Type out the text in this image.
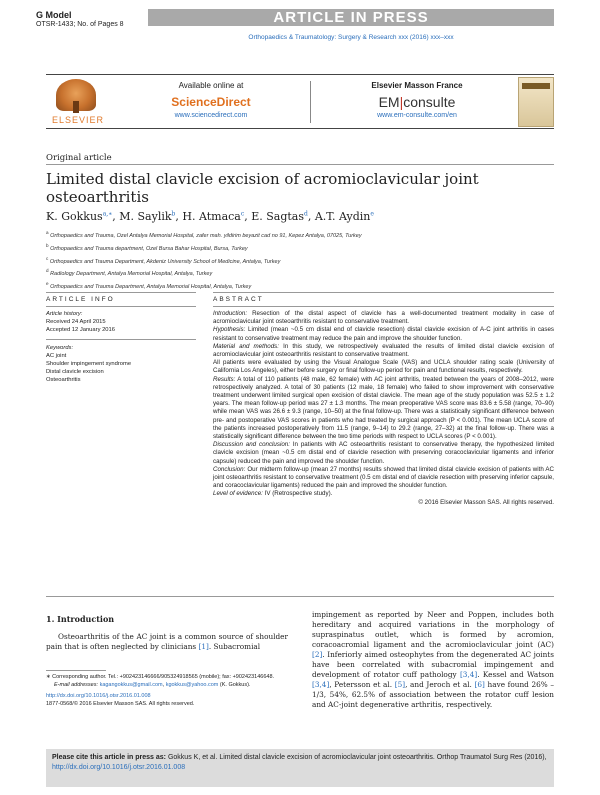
G Model
OTSR-1433; No. of Pages 8	ARTICLE IN PRESS
Orthopaedics & Traumatology: Surgery & Research xxx (2016) xxx–xxx
ELSEVIER
Available online at
ScienceDirect
www.sciencedirect.com
Elsevier Masson France
EM|consulte
www.em-consulte.com/en
Original article
Limited distal clavicle excision of acromioclavicular joint osteoarthritis
K. Gokkus$^{a,∗}$, M. Saylik$^b$, H. Atmaca$^c$, E. Sagtas$^d$, A.T. Aydin$^e$
$^a$ Orthopaedics and Trauma, Ozel Antalya Memorial Hospital, zafer mah. yildirim beyazit cad no 91, Kepez Antalya, 07025, Turkey
$^b$ Orthopaedics and Trauma department, Ozel Bursa Bahar Hospital, Bursa, Turkey
$^c$ Orthopaedics and Trauma Department, Akdeniz University School of Medicine, Antalya, Turkey
$^d$ Radiology Department, Antalya Memorial Hospital, Antalya, Turkey
$^e$ Orthopaedics and Trauma Department, Antalya Memorial Hospital, Antalya, Turkey
ARTICLE INFO
Article history:
Received 24 April 2015
Accepted 12 January 2016
Keywords:
AC joint
Shoulder impingement syndrome
Distal clavicle excision
Osteoarthritis
ABSTRACT

Introduction: Resection of the distal aspect of clavicle has a well-documented treatment modality in case of acromioclavicular joint osteoarthritis resistant to conservative treatment.

Hypothesis: Limited (mean ~0.5 cm distal end of clavicle resection) distal clavicle excision of A-C joint arthritis in cases resistant to conservative treatment may reduce the pain and improve the shoulder function.

Material and methods: In this study, we retrospectively evaluated the results of limited distal clavicle excision of acromioclavicular joint osteoarthritis resistant to conservative treatment.

All patients were evaluated by using the Visual Analogue Scale (VAS) and UCLA shoulder rating scale (University of California Los Angeles), either before surgery or final follow-up period for pain and functional results, respectively.

Results: A total of 110 patients (48 male, 62 female) with AC joint arthritis, treated between the years of 2008–2012, were retrospectively analyzed. A total of 30 patients (12 male, 18 female) who failed to show improvement with conservative treatment underwent limited surgical open excision of distal clavicle. The mean age of the study population was 52.5 ± 1.2 years. The mean follow-up period was 27 ± 1.3 months. The mean preoperative VAS score was 83.6 ± 5.58 (range, 70–90) while mean VAS was 26.6 ± 9.3 (range, 10–50) at the final follow-up. There was a statistically significant difference between pre- and postoperative VAS scores in patients who had treated by surgical approach (P < 0.001). The mean UCLA score of the patients increased postoperatively from 11.5 (range, 9–14) to 29.2 (range, 27–32) at the final follow-up. There was a statistically significant difference between the two time periods with respect to UCLA scores (P < 0.001).

Discussion and conclusion: In patients with AC osteoarthritis resistant to conservative therapy, the hypothesized limited clavicle excision (mean ~0.5 cm distal end of clavicle resection with preserving coracoclavicular ligaments and inferior capsule) reduced the pain and improved the shoulder function.

Conclusion: Our midterm follow-up (mean 27 months) results showed that limited distal clavicle excision of patients with AC joint osteoarthritis resistant to conservative treatment (0.5 cm distal end of clavicle resection with preserving inferior capsule, and coracoclavicular ligaments) reduced the pain and improved the shoulder function.

Level of evidence: IV (Retrospective study).

© 2016 Elsevier Masson SAS. All rights reserved.

1. Introduction

Osteoarthritis of the AC joint is a common source of shoulder pain that is often neglected by clinicians [1]. Subacromial

∗ Corresponding author. Tel.: +902423146666/905324918565 (mobile); fax: +902423146648.
E-mail addresses: kagangokkus@gmail.com, kgokkus@yahoo.com (K. Gokkus).
http://dx.doi.org/10.1016/j.otsr.2016.01.008
1877-0568/© 2016 Elsevier Masson SAS. All rights reserved.

impingement as reported by Neer and Poppen, includes both hereditary and acquired variations in the morphology of supraspinatus outlet, which is formed by acromion, coracoacromial ligament and the acromioclavicular joint (AC) [2]. Inferiorly aimed osteophytes from the degenerated AC joints have been correlated with subacromial impingement and development of rotator cuff pathology [3,4]. Kessel and Watson [3,4], Petersson et al. [5], and Jeroch et al. [6] have found 26% – 1/3, 54%, 62.5% of association between the rotator cuff lesion and AC-joint degenerative arthritis, respectively.

Please cite this article in press as: Gokkus K, et al. Limited distal clavicle excision of acromioclavicular joint osteoarthritis. Orthop Traumatol Surg Res (2016), http://dx.doi.org/10.1016/j.otsr.2016.01.008
